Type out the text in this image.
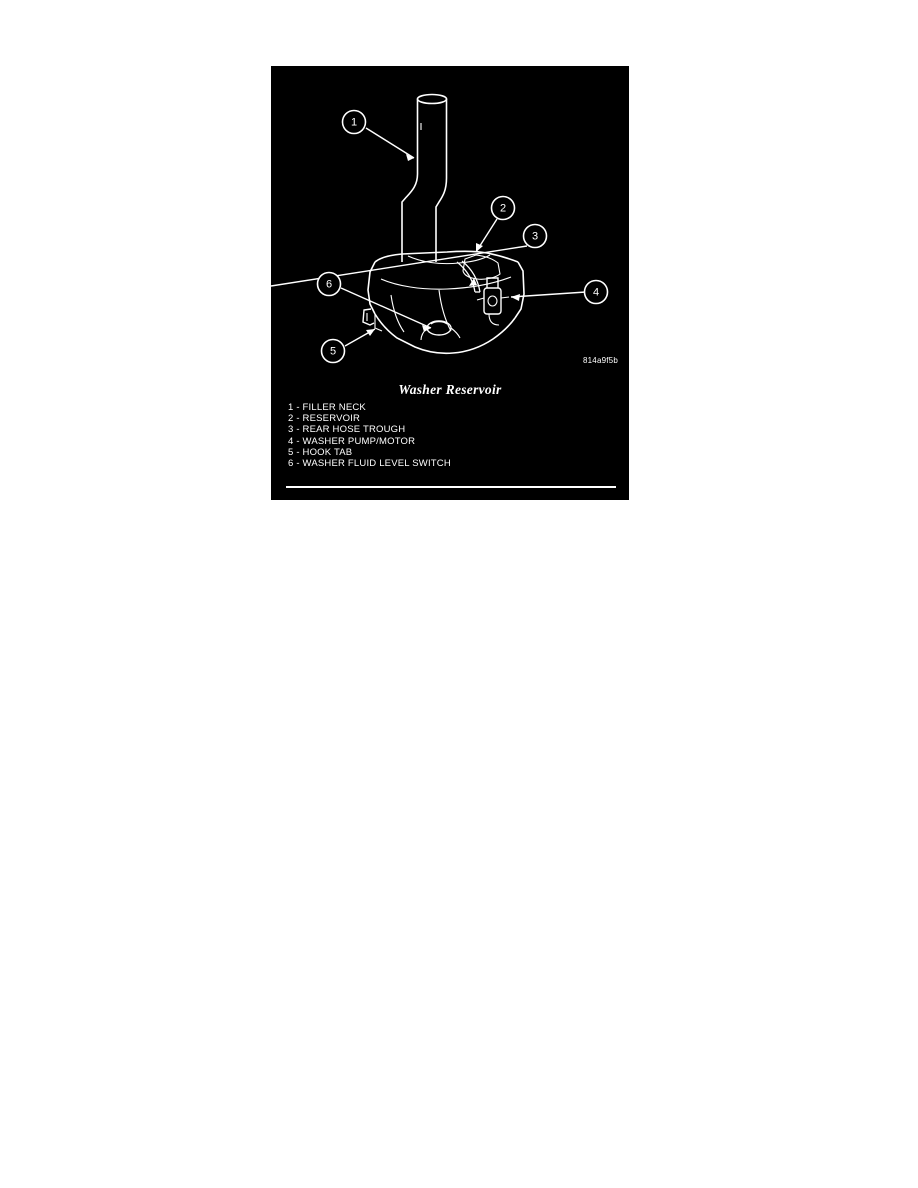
1
2
3
4
5
6
814a9f5b
Washer Reservoir
1 - FILLER NECK
2 - RESERVOIR
3 - REAR HOSE TROUGH
4 - WASHER PUMP/MOTOR
5 - HOOK TAB
6 - WASHER FLUID LEVEL SWITCH
